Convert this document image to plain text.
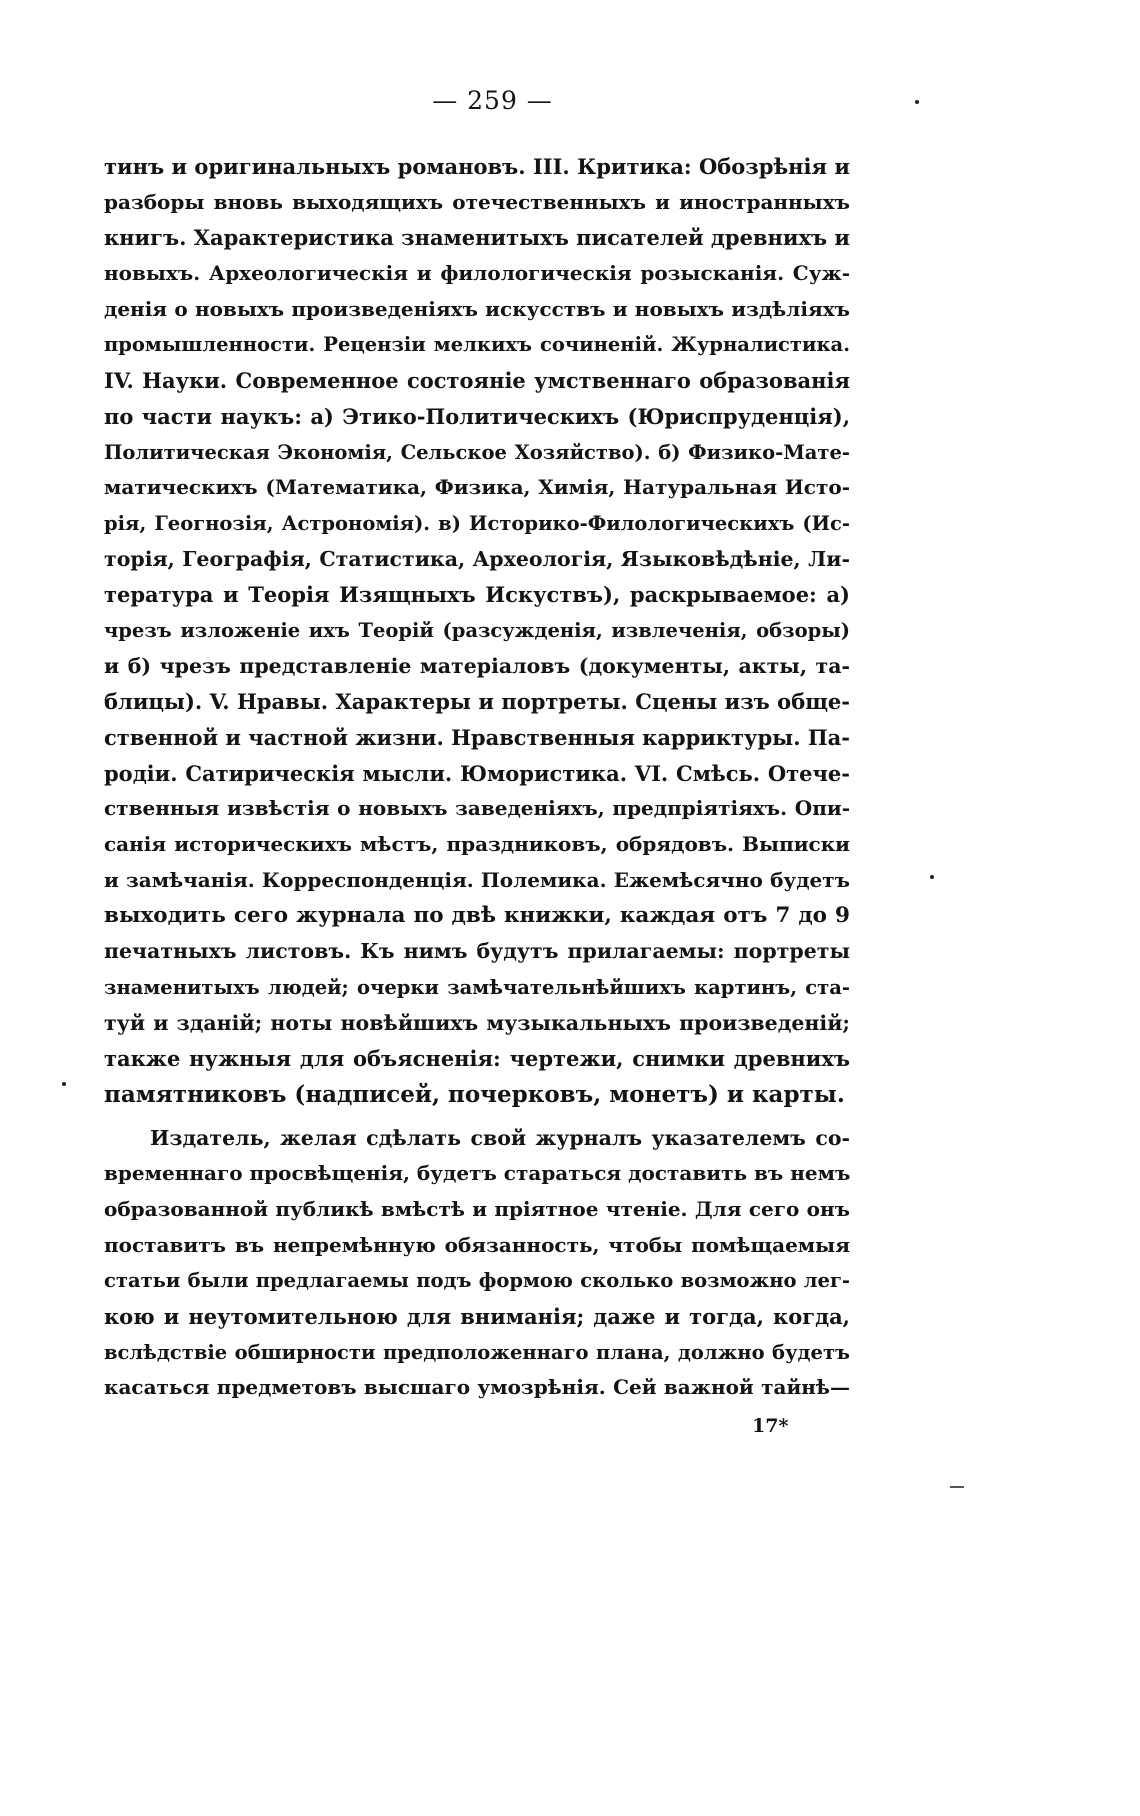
— 259 —
тинъ и оригинальныхъ романовъ. III. Критика: Обозрѣнія и
разборы вновь выходящихъ отечественныхъ и иностранныхъ
книгъ. Характеристика знаменитыхъ писателей древнихъ и
новыхъ. Археологическія и филологическія розысканія. Суж-
денія о новыхъ произведеніяхъ искусствъ и новыхъ издѣліяхъ
промышленности. Рецензіи мелкихъ сочиненій. Журналистика.
IV. Науки. Современное состояніе умственнаго образованія
по части наукъ: а) Этико-Политическихъ (Юриспруденція),
Политическая Экономія, Сельское Хозяйство). б) Физико-Мате-
матическихъ (Математика, Физика, Химія, Натуральная Исто-
рія, Геогнозія, Астрономія). в) Историко-Филологическихъ (Ис-
торія, Географія, Статистика, Археологія, Языковѣдѣніе, Ли-
тература и Теорія Изящныхъ Искуствъ), раскрываемое: а)
чрезъ изложеніе ихъ Теорій (разсужденія, извлеченія, обзоры)
и б) чрезъ представленіе матеріаловъ (документы, акты, та-
блицы). V. Нравы. Характеры и портреты. Сцены изъ обще-
ственной и частной жизни. Нравственныя карриктуры. Па-
родіи. Сатирическія мысли. Юмористика. VI. Смѣсь. Отече-
ственныя извѣстія о новыхъ заведеніяхъ, предпріятіяхъ. Опи-
санія историческихъ мѣстъ, праздниковъ, обрядовъ. Выписки
и замѣчанія. Корреспонденція. Полемика. Ежемѣсячно будетъ
выходить сего журнала по двѣ книжки, каждая отъ 7 до 9
печатныхъ листовъ. Къ нимъ будутъ прилагаемы: портреты
знаменитыхъ людей; очерки замѣчательнѣйшихъ картинъ, ста-
туй и зданій; ноты новѣйшихъ музыкальныхъ произведеній;
также нужныя для объясненія: чертежи, снимки древнихъ
памятниковъ (надписей, почерковъ, монетъ) и карты.
Издатель, желая сдѣлать свой журналъ указателемъ со-
временнаго просвѣщенія, будетъ стараться доставить въ немъ
образованной публикѣ вмѣстѣ и пріятное чтеніе. Для сего онъ
поставитъ въ непремѣнную обязанность, чтобы помѣщаемыя
статьи были предлагаемы подъ формою сколько возможно лег-
кою и неутомительною для вниманія; даже и тогда, когда,
вслѣдствіе обширности предположеннаго плана, должно будетъ
касаться предметовъ высшаго умозрѣнія. Сей важной тайнѣ—
17*
